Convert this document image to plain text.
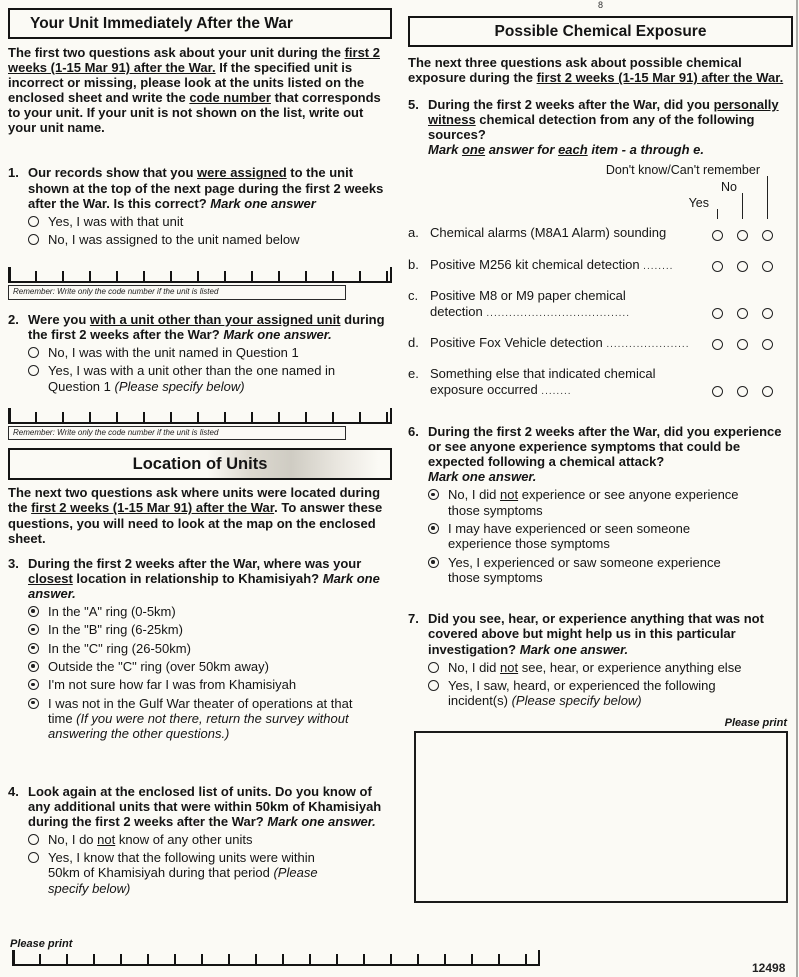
8
Your Unit Immediately After the War

The first two questions ask about your unit during the first 2 weeks (1-15 Mar 91) after the War. If the specified unit is incorrect or missing, please look at the units listed on the enclosed sheet and write the code number that corresponds to your unit. If your unit is not shown on the list, write out your unit name.

1. Our records show that you were assigned to the unit shown at the top of the next page during the first 2 weeks after the War. Is this correct? Mark one answer
Yes, I was with that unit
No, I was assigned to the unit named below
Remember: Write only the code number if the unit is listed
2. Were you with a unit other than your assigned unit during the first 2 weeks after the War? Mark one answer.
No, I was with the unit named in Question 1
Yes, I was with a unit other than the one named in Question 1 (Please specify below)
Remember: Write only the code number if the unit is listed
Location of Units

The next two questions ask where units were located during the first 2 weeks (1-15 Mar 91) after the War. To answer these questions, you will need to look at the map on the enclosed sheet.

3. During the first 2 weeks after the War, where was your closest location in relationship to Khamisiyah? Mark one answer.
In the "A" ring (0-5km)
In the "B" ring (6-25km)
In the "C" ring (26-50km)
Outside the "C" ring (over 50km away)
I'm not sure how far I was from Khamisiyah
I was not in the Gulf War theater of operations at that time (If you were not there, return the survey without answering the other questions.)
4. Look again at the enclosed list of units. Do you know of any additional units that were within 50km of Khamisiyah during the first 2 weeks after the War? Mark one answer.
No, I do not know of any other units
Yes, I know that the following units were within 50km of Khamisiyah during that period (Please specify below)
Possible Chemical Exposure

The next three questions ask about possible chemical exposure during the first 2 weeks (1-15 Mar 91) after the War.

5. During the first 2 weeks after the War, did you personally witness chemical detection from any of the following sources?
Mark one answer for each item - a through e.
Don't know/Can't remember
No
Yes
a. Chemical alarms (M8A1 Alarm) sounding
b. Positive M256 kit chemical detection ........
c. Positive M8 or M9 paper chemical detection ......................................
d. Positive Fox Vehicle detection ......................
e. Something else that indicated chemical exposure occurred ........
6. During the first 2 weeks after the War, did you experience or see anyone experience symptoms that could be expected following a chemical attack?
Mark one answer.
No, I did not experience or see anyone experience those symptoms
I may have experienced or seen someone experience those symptoms
Yes, I experienced or saw someone experience those symptoms
7. Did you see, hear, or experience anything that was not covered above but might help us in this particular investigation? Mark one answer.
No, I did not see, hear, or experience anything else
Yes, I saw, heard, or experienced the following incident(s) (Please specify below)
Please print
Please print
12498
